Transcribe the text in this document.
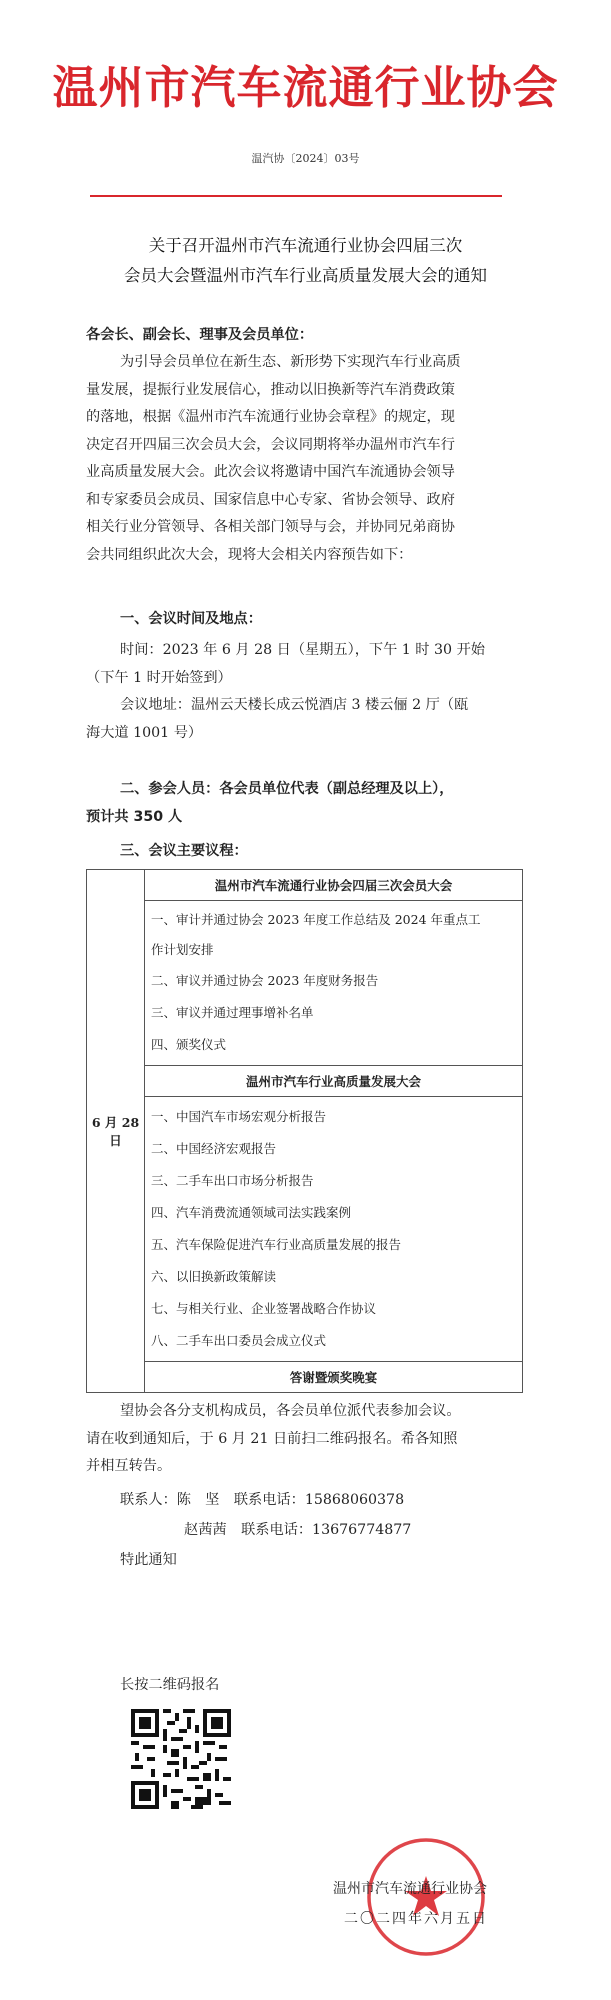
温州市汽车流通行业协会
温汽协〔2024〕03号
关于召开温州市汽车流通行业协会四届三次
会员大会暨温州市汽车行业高质量发展大会的通知
各会长、副会长、理事及会员单位：
为引导会员单位在新生态、新形势下实现汽车行业高质
量发展，提振行业发展信心，推动以旧换新等汽车消费政策
的落地，根据《温州市汽车流通行业协会章程》的规定，现
决定召开四届三次会员大会，会议同期将举办温州市汽车行
业高质量发展大会。此次会议将邀请中国汽车流通协会领导
和专家委员会成员、国家信息中心专家、省协会领导、政府
相关行业分管领导、各相关部门领导与会，并协同兄弟商协
会共同组织此次大会，现将大会相关内容预告如下：
一、会议时间及地点：
时间：2023 年 6 月 28 日（星期五），下午 1 时 30 开始
（下午 1 时开始签到）
会议地址：温州云天楼长成云悦酒店 3 楼云俪 2 厅（瓯
海大道 1001 号）
二、参会人员：各会员单位代表（副总经理及以上），
预计共 350 人
三、会议主要议程：
6 月 28 日	温州市汽车流通行业协会四届三次会员大会

一、审计并通过协会 2023 年度工作总结及 2024 年重点工
作计划安排
二、审议并通过协会 2023 年度财务报告
三、审议并通过理事增补名单
四、颁奖仪式

温州市汽车行业高质量发展大会

一、中国汽车市场宏观分析报告
二、中国经济宏观报告
三、二手车出口市场分析报告
四、汽车消费流通领域司法实践案例
五、汽车保险促进汽车行业高质量发展的报告
六、以旧换新政策解读
七、与相关行业、企业签署战略合作协议
八、二手车出口委员会成立仪式

答谢暨颁奖晚宴
望协会各分支机构成员，各会员单位派代表参加会议。
请在收到通知后，于 6 月 21 日前扫二维码报名。希各知照
并相互转告。
联系人：陈　坚 联系电话：15868060378
赵茜茜 联系电话：13676774877
特此通知
长按二维码报名
温州市汽车流通行业协会
二〇二四年六月五日
